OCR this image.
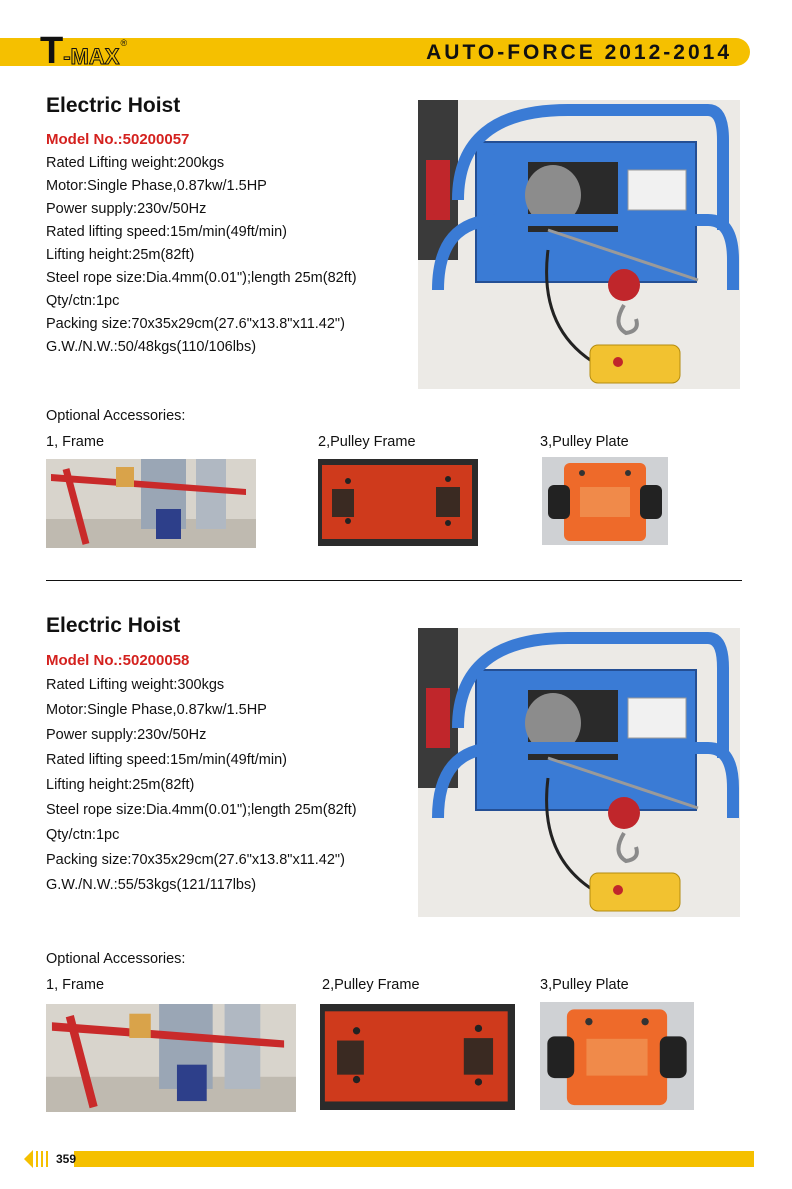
T -MAX
®	AUTO-FORCE 2012-2014
Electric Hoist
Model No.:50200057
Rated Lifting weight:200kgs
Motor:Single Phase,0.87kw/1.5HP
Power supply:230v/50Hz
Rated lifting speed:15m/min(49ft/min)
Lifting height:25m(82ft)
Steel rope size:Dia.4mm(0.01");length 25m(82ft)
Qty/ctn:1pc
Packing size:70x35x29cm(27.6"x13.8"x11.42")
G.W./N.W.:50/48kgs(110/106lbs)
Optional Accessories:
1, Frame	2,Pulley Frame	3,Pulley Plate
Electric Hoist
Model No.:50200058
Rated Lifting weight:300kgs
Motor:Single Phase,0.87kw/1.5HP
Power supply:230v/50Hz
Rated lifting speed:15m/min(49ft/min)
Lifting height:25m(82ft)
Steel rope size:Dia.4mm(0.01");length 25m(82ft)
Qty/ctn:1pc
Packing size:70x35x29cm(27.6"x13.8"x11.42")
G.W./N.W.:55/53kgs(121/117lbs)
Optional Accessories:
1, Frame	2,Pulley Frame	3,Pulley Plate
359
